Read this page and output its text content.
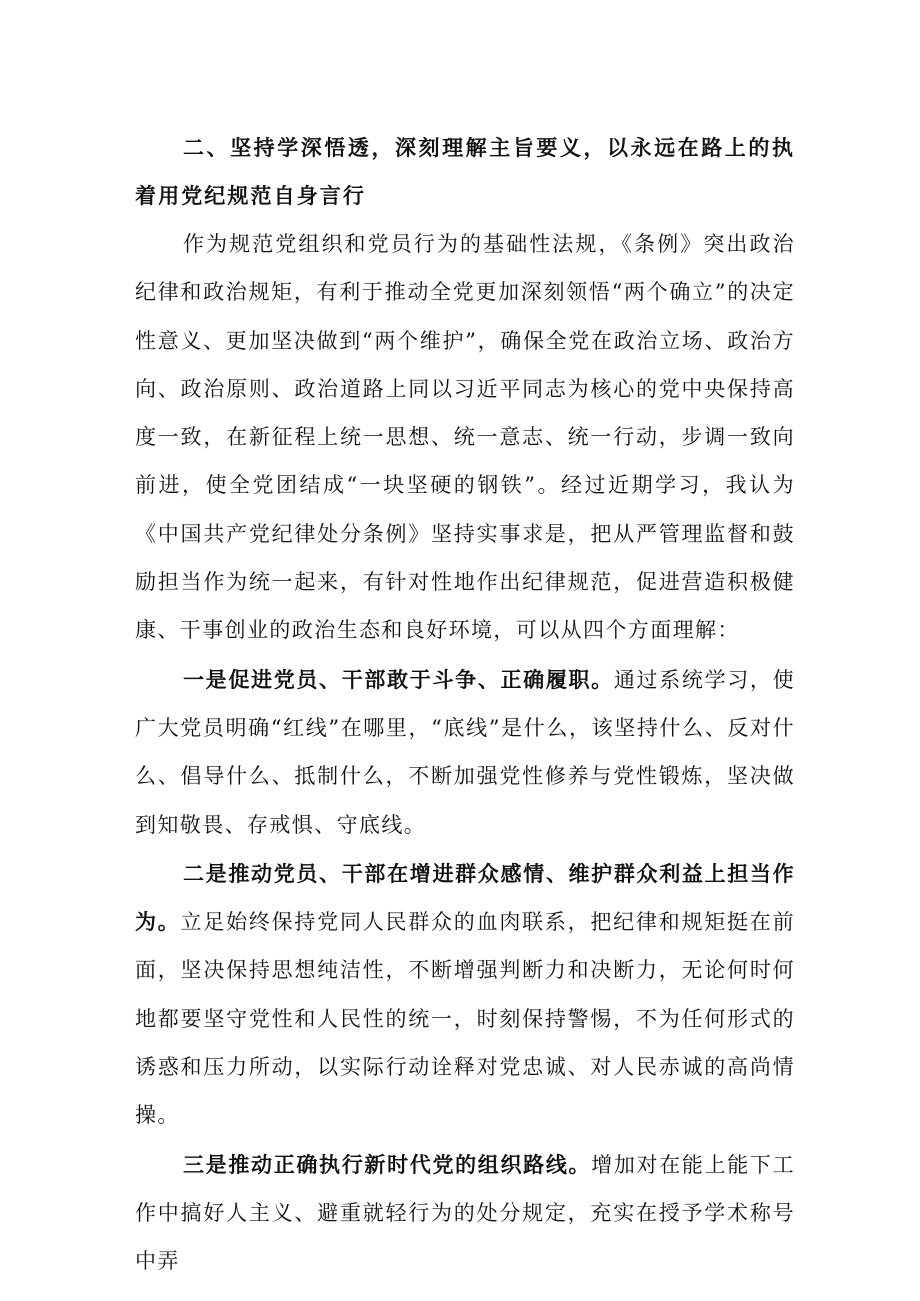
二、坚持学深悟透，深刻理解主旨要义，以永远在路上的执着用党纪规范自身言行

作为规范党组织和党员行为的基础性法规，《条例》突出政治纪律和政治规矩，有利于推动全党更加深刻领悟“两个确立”的决定性意义、更加坚决做到“两个维护”，确保全党在政治立场、政治方向、政治原则、政治道路上同以习近平同志为核心的党中央保持高度一致，在新征程上统一思想、统一意志、统一行动，步调一致向前进，使全党团结成“一块坚硬的钢铁”。经过近期学习，我认为《中国共产党纪律处分条例》坚持实事求是，把从严管理监督和鼓励担当作为统一起来，有针对性地作出纪律规范，促进营造积极健康、干事创业的政治生态和良好环境，可以从四个方面理解：

一是促进党员、干部敢于斗争、正确履职。通过系统学习，使广大党员明确“红线”在哪里，“底线”是什么，该坚持什么、反对什么、倡导什么、抵制什么，不断加强党性修养与党性锻炼，坚决做到知敬畏、存戒惧、守底线。

二是推动党员、干部在增进群众感情、维护群众利益上担当作为。立足始终保持党同人民群众的血肉联系，把纪律和规矩挺在前面，坚决保持思想纯洁性，不断增强判断力和决断力，无论何时何地都要坚守党性和人民性的统一，时刻保持警惕，不为任何形式的诱惑和压力所动，以实际行动诠释对党忠诚、对人民赤诚的高尚情操。

三是推动正确执行新时代党的组织路线。增加对在能上能下工作中搞好人主义、避重就轻行为的处分规定，充实在授予学术称号中弄
